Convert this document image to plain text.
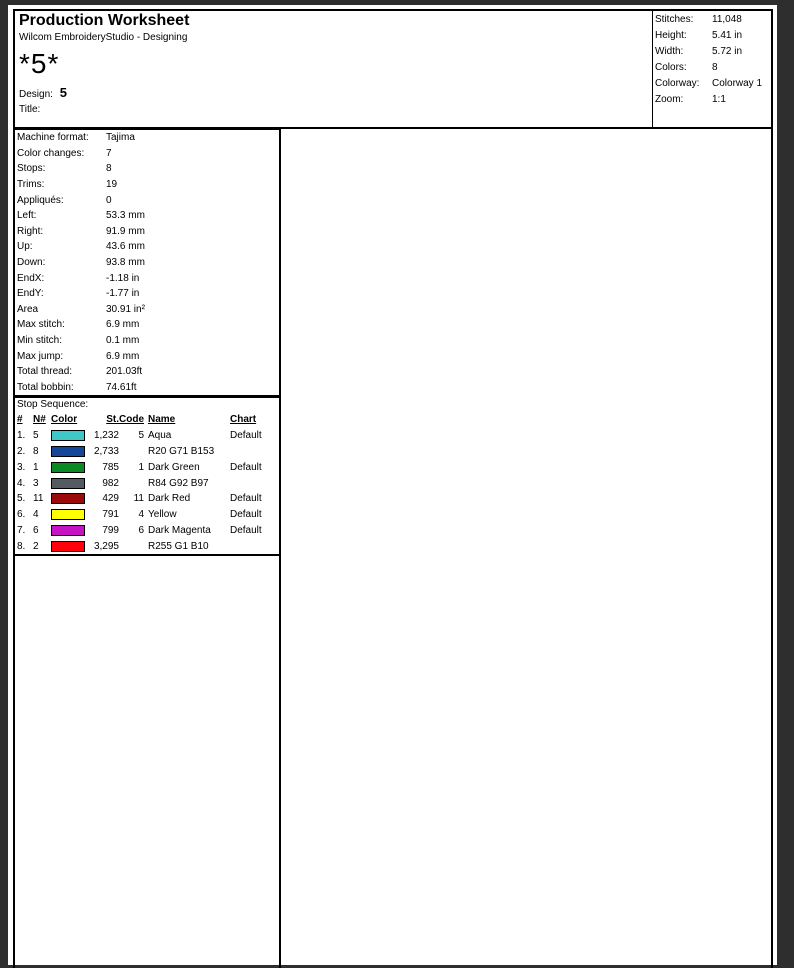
Production Worksheet
Wilcom EmbroideryStudio - Designing
*5*
Design: 5
Title:
Stitches:	11,048
Height:	5.41 in
Width:	5.72 in
Colors:	8
Colorway:	Colorway 1
Zoom:	1:1
Machine format:	Tajima
Color changes:	7
Stops:	8
Trims:	19
Appliqués:	0
Left:	53.3 mm
Right:	91.9 mm
Up:	43.6 mm
Down:	93.8 mm
EndX:	-1.18 in
EndY:	-1.77 in
Area	30.91 in²
Max stitch:	6.9 mm
Min stitch:	0.1 mm
Max jump:	6.9 mm
Total thread:	201.03ft
Total bobbin:	74.61ft
Stop Sequence:
#	N#	Color	St.	Code	Name	Chart
1.	5		1,232	5	Aqua	Default
2.	8		2,733		R20 G71 B153	
3.	1		785	1	Dark Green	Default
4.	3		982		R84 G92 B97	
5.	11		429	11	Dark Red	Default
6.	4		791	4	Yellow	Default
7.	6		799	6	Dark Magenta	Default
8.	2		3,295		R255 G1 B10	
